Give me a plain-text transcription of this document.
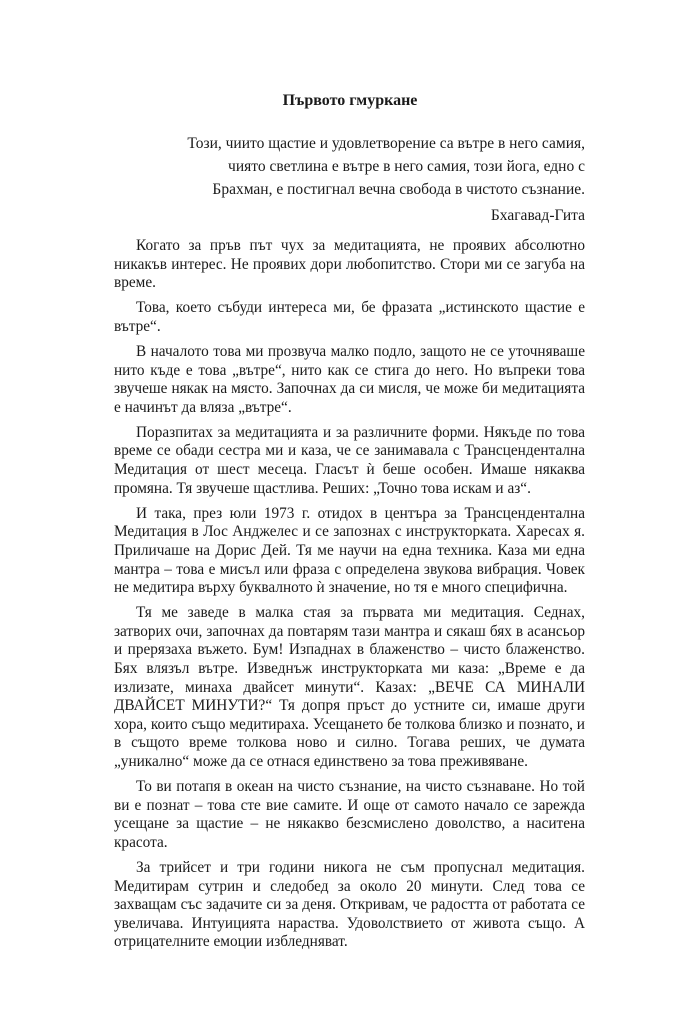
Първото гмуркане

Този, чиито щастие и удовлетворение са вътре в него самия,
чиято светлина е вътре в него самия, този йога, едно с
Брахман, е постигнал вечна свобода в чистото съзнание.

Бхагавад-Гита

Когато за пръв път чух за медитацията, не проявих абсолютно никакъв интерес. Не проявих дори любопитство. Стори ми се загуба на време.

Това, което събуди интереса ми, бе фразата „истинското щастие е вътре“.

В началото това ми прозвуча малко подло, защото не се уточняваше нито къде е това „вътре“, нито как се стига до него. Но въпреки това звучеше някак на място. Започнах да си мисля, че може би медитацията е начинът да вляза „вътре“.

Поразпитах за медитацията и за различните форми. Някъде по това време се обади сестра ми и каза, че се занимавала с Трансцендентална Медитация от шест месеца. Гласът ѝ беше особен. Имаше някаква промяна. Тя звучеше щастлива. Реших: „Точно това искам и аз“.

И така, през юли 1973 г. отидох в центъра за Трансцендентална Медитация в Лос Анджелес и се запознах с инструкторката. Харесах я. Приличаше на Дорис Дей. Тя ме научи на една техника. Каза ми една мантра – това е мисъл или фраза с определена звукова вибрация. Човек не медитира върху буквалното ѝ значение, но тя е много специфична.

Тя ме заведе в малка стая за първата ми медитация. Седнах, затворих очи, започнах да повтарям тази мантра и сякаш бях в асансьор и прерязаха въжето. Бум! Изпаднах в блаженство – чисто блаженство. Бях влязъл вътре. Изведнъж инструкторката ми каза: „Време е да излизате, минаха двайсет минути“. Казах: „ВЕЧЕ СА МИНАЛИ ДВАЙСЕТ МИНУТИ?“ Тя допря пръст до устните си, имаше други хора, които също медитираха. Усещането бе толкова близко и познато, и в същото време толкова ново и силно. Тогава реших, че думата „уникално“ може да се отнася единствено за това преживяване.

То ви потапя в океан на чисто съзнание, на чисто съзнаване. Но той ви е познат – това сте вие самите. И още от самото начало се зарежда усещане за щастие – не някакво безсмислено доволство, а наситена красота.

За трийсет и три години никога не съм пропуснал медитация. Медитирам сутрин и следобед за около 20 минути. След това се захващам със задачите си за деня. Откривам, че радостта от работата се увеличава. Интуицията нараства. Удоволствието от живота също. А отрицателните емоции избледняват.
